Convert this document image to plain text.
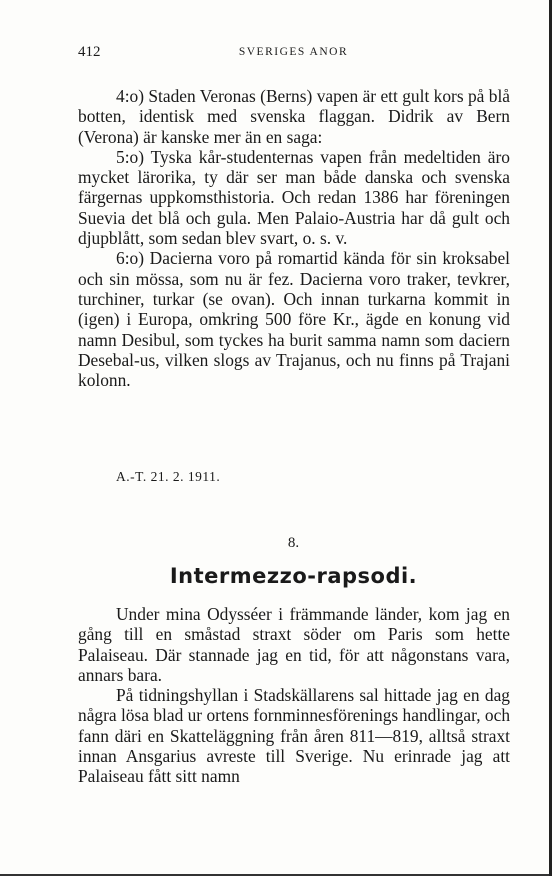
412	SVERIGES ANOR

4:o) Staden Veronas (Berns) vapen är ett gult kors på blå botten, identisk med svenska flaggan. Didrik av Bern (Verona) är kanske mer än en saga:

5:o) Tyska kår-studenternas vapen från medeltiden äro mycket lärorika, ty där ser man både danska och svenska färgernas uppkomsthistoria. Och redan 1386 har föreningen Suevia det blå och gula. Men Palaio-Austria har då gult och djupblått, som sedan blev svart, o. s. v.

6:o) Dacierna voro på romartid kända för sin kroksabel och sin mössa, som nu är fez. Dacierna voro traker, tevkrer, turchiner, turkar (se ovan). Och innan turkarna kommit in (igen) i Europa, omkring 500 före Kr., ägde en konung vid namn Desibul, som tyckes ha burit samma namn som daciern Desebal-us, vilken slogs av Trajanus, och nu finns på Trajani kolonn.

A.-T. 21. 2. 1911.
8.
Intermezzo-rapsodi.

Under mina Odysséer i främmande länder, kom jag en gång till en småstad straxt söder om Paris som hette Palaiseau. Där stannade jag en tid, för att någonstans vara, annars bara.

På tidningshyllan i Stadskällarens sal hittade jag en dag några lösa blad ur ortens fornminnesförenings handlingar, och fann däri en Skatteläggning från åren 811—819, alltså straxt innan Ansgarius avreste till Sverige. Nu erinrade jag att Palaiseau fått sitt namn
